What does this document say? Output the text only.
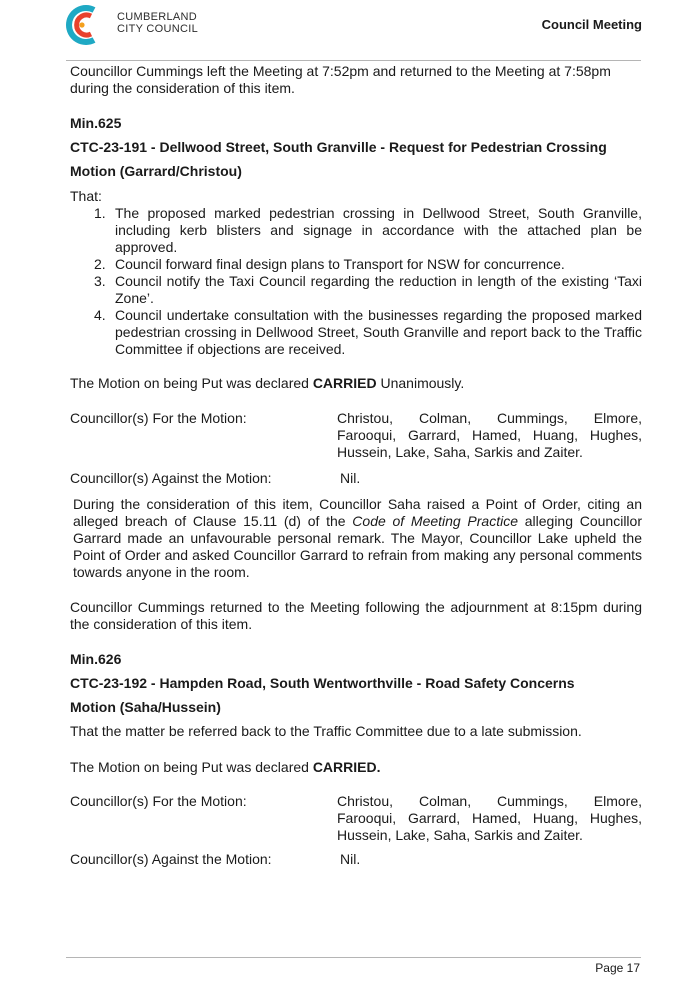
CUMBERLAND
CITY COUNCIL	Council Meeting
Councillor Cummings left the Meeting at 7:52pm and returned to the Meeting at 7:58pm during the consideration of this item.
Min.625
CTC-23-191 - Dellwood Street, South Granville - Request for Pedestrian Crossing
Motion (Garrard/Christou)
That:
1. The proposed marked pedestrian crossing in Dellwood Street, South Granville, including kerb blisters and signage in accordance with the attached plan be approved.
2. Council forward final design plans to Transport for NSW for concurrence.
3. Council notify the Taxi Council regarding the reduction in length of the existing ‘Taxi Zone’.
4. Council undertake consultation with the businesses regarding the proposed marked pedestrian crossing in Dellwood Street, South Granville and report back to the Traffic Committee if objections are received.
The Motion on being Put was declared CARRIED Unanimously.
Councillor(s) For the Motion:	Christou, Colman, Cummings, Elmore,
Farooqui, Garrard, Hamed, Huang, Hughes,
Hussein, Lake, Saha, Sarkis and Zaiter.
Councillor(s) Against the Motion:	Nil.
During the consideration of this item, Councillor Saha raised a Point of Order, citing an alleged breach of Clause 15.11 (d) of the Code of Meeting Practice alleging Councillor Garrard made an unfavourable personal remark. The Mayor, Councillor Lake upheld the Point of Order and asked Councillor Garrard to refrain from making any personal comments towards anyone in the room.
Councillor Cummings returned to the Meeting following the adjournment at 8:15pm during the consideration of this item.
Min.626
CTC-23-192 - Hampden Road, South Wentworthville - Road Safety Concerns
Motion (Saha/Hussein)
That the matter be referred back to the Traffic Committee due to a late submission.
The Motion on being Put was declared CARRIED.
Councillor(s) For the Motion:	Christou, Colman, Cummings, Elmore,
Farooqui, Garrard, Hamed, Huang, Hughes,
Hussein, Lake, Saha, Sarkis and Zaiter.
Councillor(s) Against the Motion:	Nil.
Page 17
